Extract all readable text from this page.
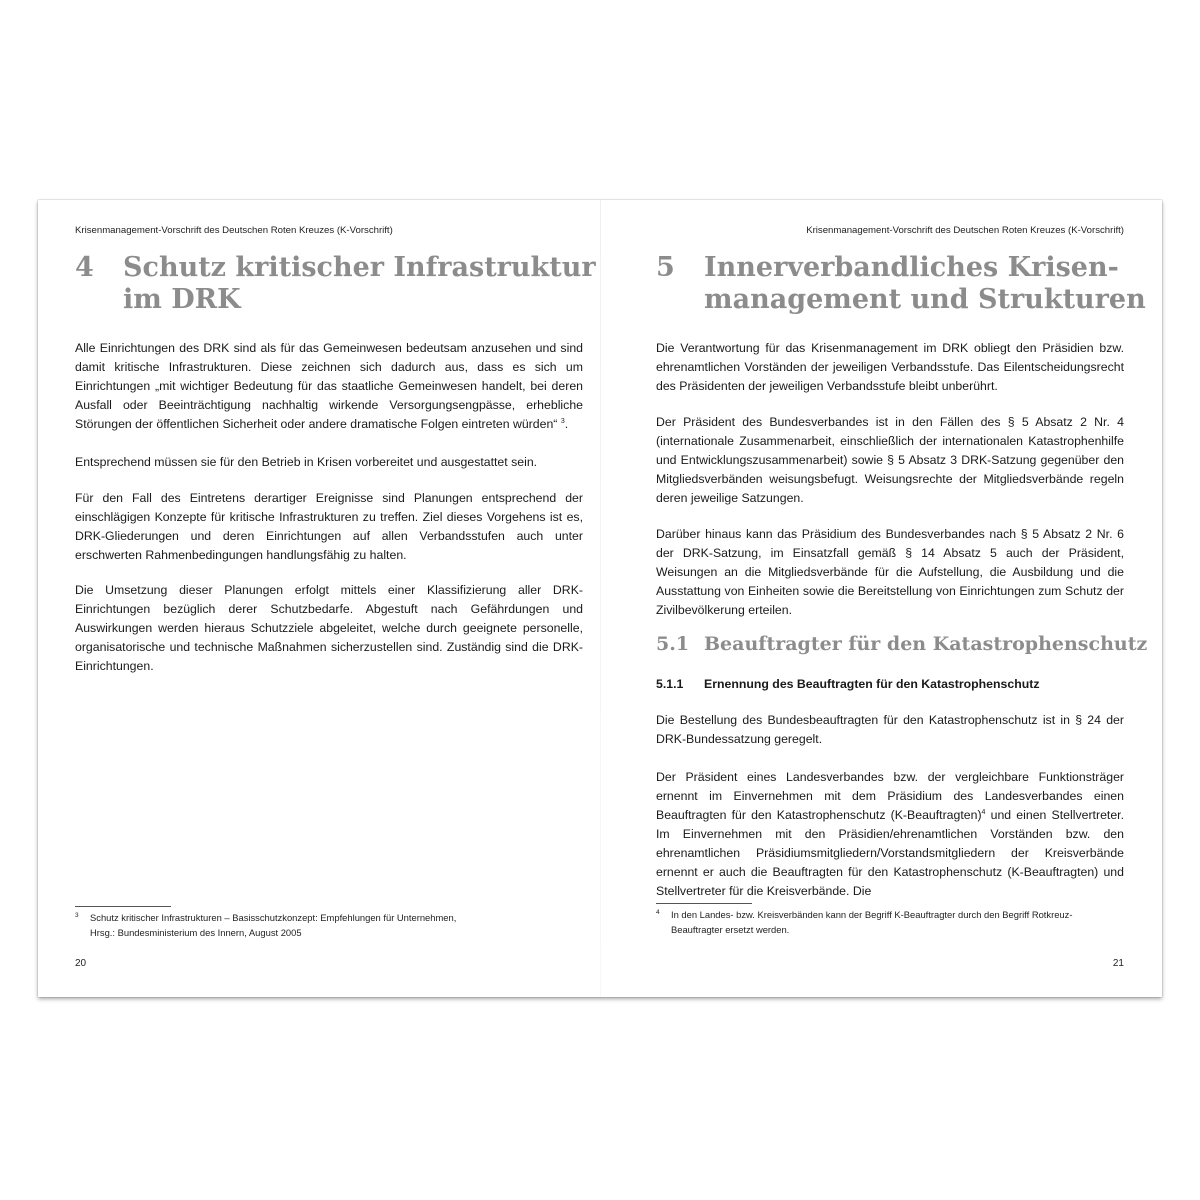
Krisenmanagement-Vorschrift des Deutschen Roten Kreuzes (K-Vorschrift)
4 Schutz kritischer Infrastruktur
im DRK

Alle Einrichtungen des DRK sind als für das Gemeinwesen bedeutsam anzusehen und sind damit kritische Infrastrukturen. Diese zeichnen sich dadurch aus, dass es sich um Einrichtungen „mit wichtiger Bedeutung für das staatliche Gemeinwesen handelt, bei deren Ausfall oder Beeinträchtigung nachhaltig wirkende Versorgungsengpässe, erhebliche Störungen der öffentlichen Sicherheit oder andere dramatische Folgen eintreten würden“ $^3$.

Entsprechend müssen sie für den Betrieb in Krisen vorbereitet und ausgestattet sein.

Für den Fall des Eintretens derartiger Ereignisse sind Planungen entsprechend der einschlägigen Konzepte für kritische Infrastrukturen zu treffen. Ziel dieses Vorgehens ist es, DRK-Gliederungen und deren Einrichtungen auf allen Verbandsstufen auch unter erschwerten Rahmenbedingungen handlungsfähig zu halten.

Die Umsetzung dieser Planungen erfolgt mittels einer Klassifizierung aller DRK-Einrichtungen bezüglich derer Schutzbedarfe. Abgestuft nach Gefährdungen und Auswirkungen werden hieraus Schutzziele abgeleitet, welche durch geeignete personelle, organisatorische und technische Maßnahmen sicherzustellen sind. Zuständig sind die DRK-Einrichtungen.

3	Schutz kritischer Infrastrukturen – Basisschutzkonzept: Empfehlungen für Unternehmen,
Hrsg.: Bundesministerium des Innern, August 2005
20
Krisenmanagement-Vorschrift des Deutschen Roten Kreuzes (K-Vorschrift)
5 Innerverbandliches Krisen-
management und Strukturen

Die Verantwortung für das Krisenmanagement im DRK obliegt den Präsidien bzw. ehrenamtlichen Vorständen der jeweiligen Verbandsstufe. Das Eilentscheidungsrecht des Präsidenten der jeweiligen Verbandsstufe bleibt unberührt.

Der Präsident des Bundesverbandes ist in den Fällen des § 5 Absatz 2 Nr. 4 (internationale Zusammenarbeit, einschließlich der internationalen Katastrophenhilfe und Entwicklungszusammenarbeit) sowie § 5 Absatz 3 DRK-Satzung gegenüber den Mitgliedsverbänden weisungsbefugt. Weisungsrechte der Mitgliedsverbände regeln deren jeweilige Satzungen.

Darüber hinaus kann das Präsidium des Bundesverbandes nach § 5 Absatz 2 Nr. 6 der DRK-Satzung, im Einsatzfall gemäß § 14 Absatz 5 auch der Präsident, Weisungen an die Mitgliedsverbände für die Aufstellung, die Ausbildung und die Ausstattung von Einheiten sowie die Bereitstellung von Einrichtungen zum Schutz der Zivilbevölkerung erteilen.

5.1 Beauftragter für den Katastrophenschutz
5.1.1 Ernennung des Beauftragten für den Katastrophenschutz

Die Bestellung des Bundesbeauftragten für den Katastrophenschutz ist in § 24 der DRK-Bundessatzung geregelt.

Der Präsident eines Landesverbandes bzw. der vergleichbare Funktionsträger ernennt im Einvernehmen mit dem Präsidium des Landesverbandes einen Beauftragten für den Katastrophenschutz (K-Beauftragten)$^4$ und einen Stellvertreter. Im Einvernehmen mit den Präsidien/ehrenamtlichen Vorständen bzw. den ehrenamtlichen Präsidiumsmitgliedern/Vorstandsmitgliedern der Kreisverbände ernennt er auch die Beauftragten für den Katastrophenschutz (K-Beauftragten) und Stellvertreter für die Kreisverbände. Die

4	In den Landes- bzw. Kreisverbänden kann der Begriff K-Beauftragter durch den Begriff Rotkreuz-
Beauftragter ersetzt werden.
21
